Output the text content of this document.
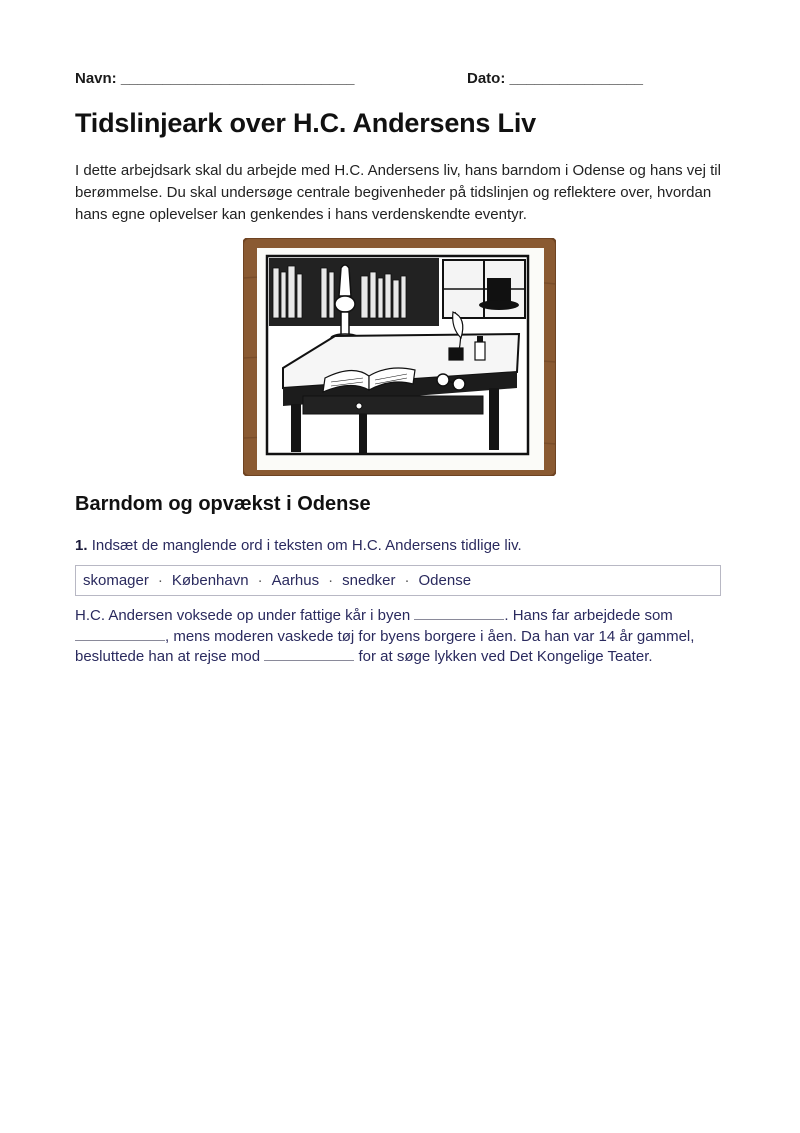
Navn: ____________________________	Dato: ________________
Tidslinjeark over H.C. Andersens Liv

I dette arbejdsark skal du arbejde med H.C. Andersens liv, hans barndom i Odense og hans vej til berømmelse. Du skal undersøge centrale begivenheder på tidslinjen og reflektere over, hvordan hans egne oplevelser kan genkendes i hans verdenskendte eventyr.

Barndom og opvækst i Odense
1. Indsæt de manglende ord i teksten om H.C. Andersens tidlige liv.
skomager · København · Aarhus · snedker · Odense

H.C. Andersen voksede op under fattige kår i byen	. Hans far arbejdede som
, mens moderen vaskede tøj for byens borgere i åen. Da han var 14 år gammel, besluttede han at rejse mod	for at søge lykken ved Det Kongelige Teater.
